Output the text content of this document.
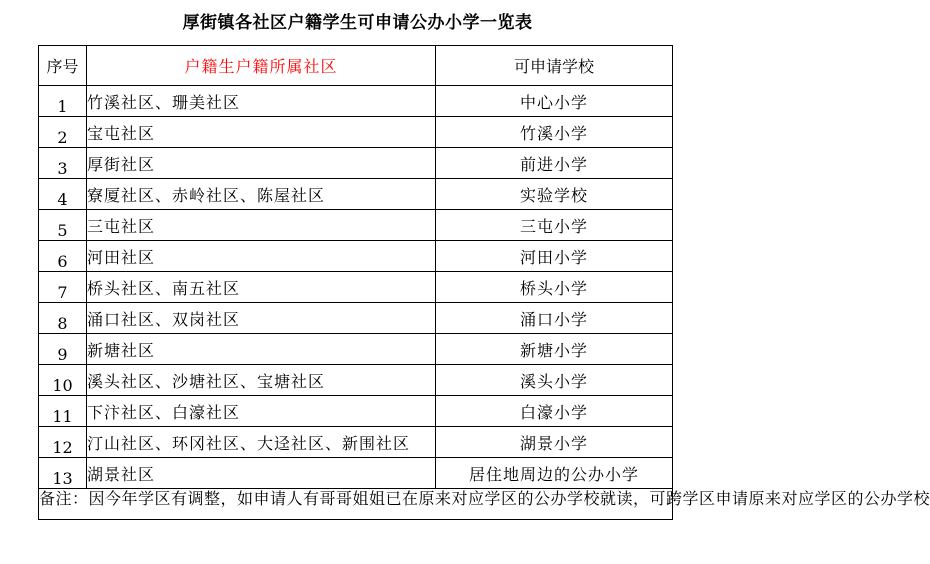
厚街镇各社区户籍学生可申请公办小学一览表
序号	户籍生户籍所属社区	可申请学校
1	竹溪社区、珊美社区	中心小学
2	宝屯社区	竹溪小学
3	厚街社区	前进小学
4	寮厦社区、赤岭社区、陈屋社区	实验学校
5	三屯社区	三屯小学
6	河田社区	河田小学
7	桥头社区、南五社区	桥头小学
8	涌口社区、双岗社区	涌口小学
9	新塘社区	新塘小学
10	溪头社区、沙塘社区、宝塘社区	溪头小学
11	下汴社区、白濠社区	白濠小学
12	汀山社区、环冈社区、大迳社区、新围社区	湖景小学
13	湖景社区	居住地周边的公办小学
备注：因今年学区有调整，如申请人有哥哥姐姐已在原来对应学区的公办学校就读，可跨学区申请原来对应学区的公办学校		
